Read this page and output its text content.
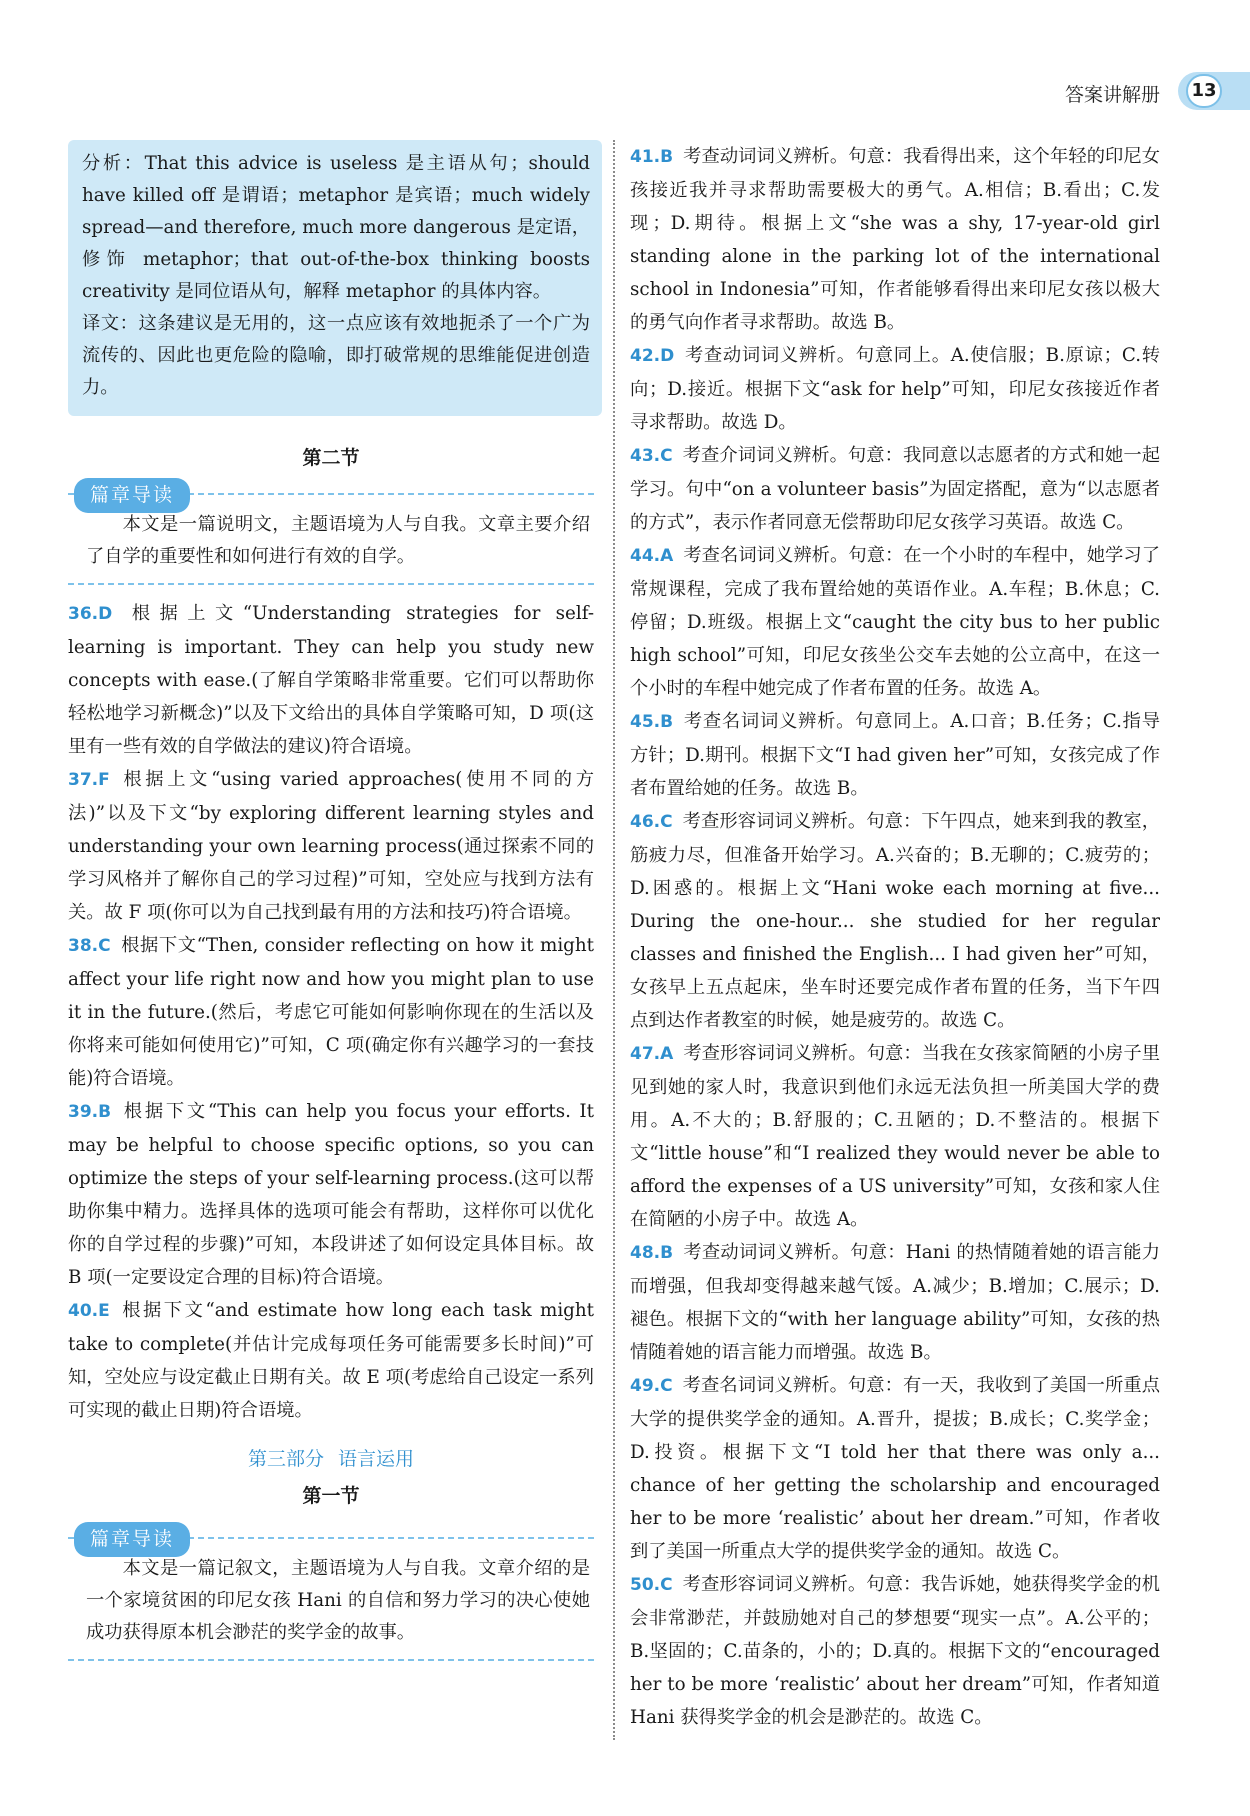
答案讲解册	13

分析：That this advice is useless 是主语从句；should have killed off 是谓语；metaphor 是宾语；much widely spread—and therefore, much more dangerous 是定语，修饰 metaphor；that out-of-the-box thinking boosts creativity 是同位语从句，解释 metaphor 的具体内容。

译文：这条建议是无用的，这一点应该有效地扼杀了一个广为流传的、因此也更危险的隐喻，即打破常规的思维能促进创造力。

第二节
篇章导读

本文是一篇说明文，主题语境为人与自我。文章主要介绍了自学的重要性和如何进行有效的自学。

36.D 根据上文“Understanding strategies for self-learning is important. They can help you study new concepts with ease.(了解自学策略非常重要。它们可以帮助你轻松地学习新概念)”以及下文给出的具体自学策略可知，D 项(这里有一些有效的自学做法的建议)符合语境。

37.F 根据上文“using varied approaches(使用不同的方法)”以及下文“by exploring different learning styles and understanding your own learning process(通过探索不同的学习风格并了解你自己的学习过程)”可知，空处应与找到方法有关。故 F 项(你可以为自己找到最有用的方法和技巧)符合语境。

38.C 根据下文“Then, consider reflecting on how it might affect your life right now and how you might plan to use it in the future.(然后，考虑它可能如何影响你现在的生活以及你将来可能如何使用它)”可知，C 项(确定你有兴趣学习的一套技能)符合语境。

39.B 根据下文“This can help you focus your efforts. It may be helpful to choose specific options, so you can optimize the steps of your self-learning process.(这可以帮助你集中精力。选择具体的选项可能会有帮助，这样你可以优化你的自学过程的步骤)”可知，本段讲述了如何设定具体目标。故 B 项(一定要设定合理的目标)符合语境。

40.E 根据下文“and estimate how long each task might take to complete(并估计完成每项任务可能需要多长时间)”可知，空处应与设定截止日期有关。故 E 项(考虑给自己设定一系列可实现的截止日期)符合语境。

第三部分 语言运用
第一节
篇章导读

本文是一篇记叙文，主题语境为人与自我。文章介绍的是一个家境贫困的印尼女孩 Hani 的自信和努力学习的决心使她成功获得原本机会渺茫的奖学金的故事。

41.B 考查动词词义辨析。句意：我看得出来，这个年轻的印尼女孩接近我并寻求帮助需要极大的勇气。A.相信；B.看出；C.发现；D.期待。根据上文“she was a shy, 17-year-old girl standing alone in the parking lot of the international school in Indonesia”可知，作者能够看得出来印尼女孩以极大的勇气向作者寻求帮助。故选 B。

42.D 考查动词词义辨析。句意同上。A.使信服；B.原谅；C.转向；D.接近。根据下文“ask for help”可知，印尼女孩接近作者寻求帮助。故选 D。

43.C 考查介词词义辨析。句意：我同意以志愿者的方式和她一起学习。句中“on a volunteer basis”为固定搭配，意为“以志愿者的方式”，表示作者同意无偿帮助印尼女孩学习英语。故选 C。

44.A 考查名词词义辨析。句意：在一个小时的车程中，她学习了常规课程，完成了我布置给她的英语作业。A.车程；B.休息；C.停留；D.班级。根据上文“caught the city bus to her public high school”可知，印尼女孩坐公交车去她的公立高中，在这一个小时的车程中她完成了作者布置的任务。故选 A。

45.B 考查名词词义辨析。句意同上。A.口音；B.任务；C.指导方针；D.期刊。根据下文“I had given her”可知，女孩完成了作者布置给她的任务。故选 B。

46.C 考查形容词词义辨析。句意：下午四点，她来到我的教室，筋疲力尽，但准备开始学习。A.兴奋的；B.无聊的；C.疲劳的；D.困惑的。根据上文“Hani woke each morning at five... During the one-hour... she studied for her regular classes and finished the English... I had given her”可知，女孩早上五点起床，坐车时还要完成作者布置的任务，当下午四点到达作者教室的时候，她是疲劳的。故选 C。

47.A 考查形容词词义辨析。句意：当我在女孩家简陋的小房子里见到她的家人时，我意识到他们永远无法负担一所美国大学的费用。A.不大的；B.舒服的；C.丑陋的；D.不整洁的。根据下文“little house”和“I realized they would never be able to afford the expenses of a US university”可知，女孩和家人住在简陋的小房子中。故选 A。

48.B 考查动词词义辨析。句意：Hani 的热情随着她的语言能力而增强，但我却变得越来越气馁。A.减少；B.增加；C.展示；D.褪色。根据下文的“with her language ability”可知，女孩的热情随着她的语言能力而增强。故选 B。

49.C 考查名词词义辨析。句意：有一天，我收到了美国一所重点大学的提供奖学金的通知。A.晋升，提拔；B.成长；C.奖学金；D.投资。根据下文“I told her that there was only a... chance of her getting the scholarship and encouraged her to be more ‘realistic’ about her dream.”可知，作者收到了美国一所重点大学的提供奖学金的通知。故选 C。

50.C 考查形容词词义辨析。句意：我告诉她，她获得奖学金的机会非常渺茫，并鼓励她对自己的梦想要“现实一点”。A.公平的；B.坚固的；C.苗条的，小的；D.真的。根据下文的“encouraged her to be more ‘realistic’ about her dream”可知，作者知道 Hani 获得奖学金的机会是渺茫的。故选 C。
